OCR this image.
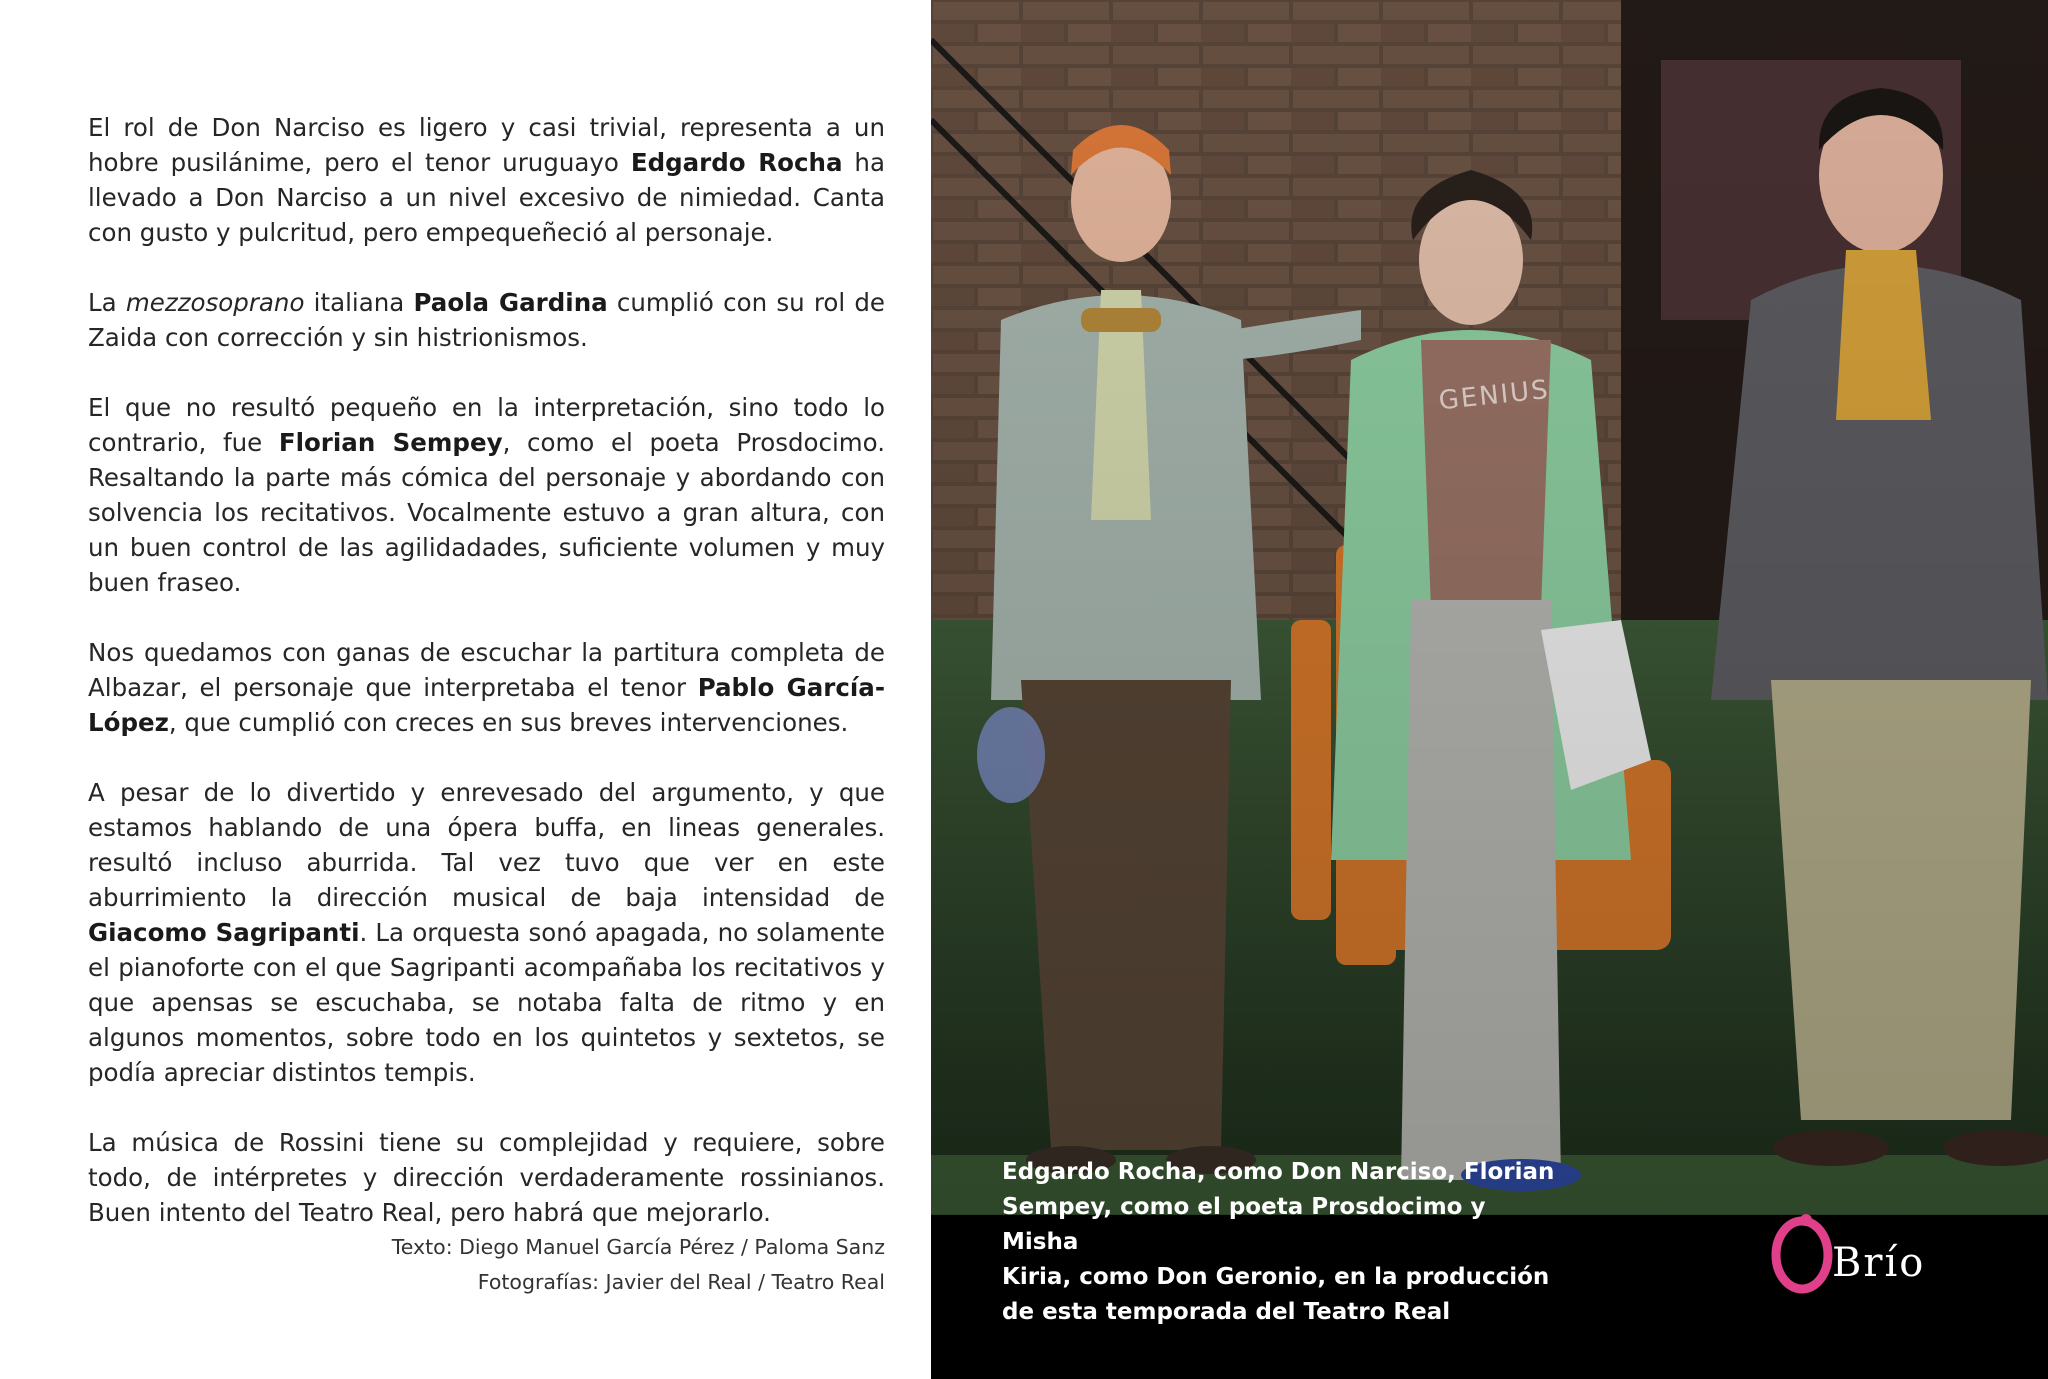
El rol de Don Narciso es ligero y casi trivial, representa a un hobre pusilánime, pero el tenor uruguayo Edgardo Rocha ha llevado a Don Narciso a un nivel excesivo de nimiedad. Canta con gusto y pulcritud, pero empequeñeció al personaje.

La mezzosoprano italiana Paola Gardina cumplió con su rol de Zaida con corrección y sin histrionismos.

El que no resultó pequeño en la interpretación, sino todo lo contrario, fue Florian Sempey, como el poeta Prosdocimo. Resaltando la parte más cómica del personaje y abordando con solvencia los recitativos. Vocalmente estuvo a gran altura, con un buen control de las agilidadades, suficiente volumen y muy buen fraseo.

Nos quedamos con ganas de escuchar la partitura completa de Albazar, el personaje que interpretaba el tenor Pablo García-López, que cumplió con creces en sus breves intervenciones.

A pesar de lo divertido y enrevesado del argumento, y que estamos hablando de una ópera buffa, en lineas generales. resultó incluso aburrida. Tal vez tuvo que ver en este aburrimiento la dirección musical de baja intensidad de Giacomo Sagripanti. La orquesta sonó apagada, no solamente el pianoforte con el que Sagripanti acompañaba los recitativos y que apensas se escuchaba, se notaba falta de ritmo y en algunos momentos, sobre todo en los quintetos y sextetos, se podía apreciar distintos tempis.

La música de Rossini tiene su complejidad y requiere, sobre todo, de intérpretes y dirección verdaderamente rossinianos. Buen intento del Teatro Real, pero habrá que mejorarlo.

Texto: Diego Manuel García Pérez / Paloma Sanz
Fotografías: Javier del Real / Teatro Real
GENIUS
Edgardo Rocha, como Don Narciso, Florian
Sempey, como el poeta Prosdocimo y Misha
Kiria, como Don Geronio, en la producción
de esta temporada del Teatro Real
Brío
